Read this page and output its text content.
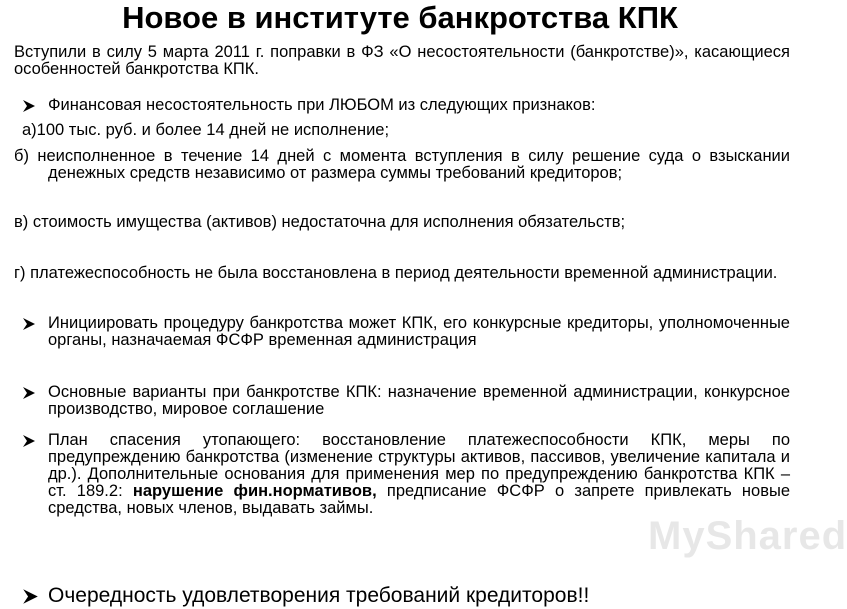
Новое в институте банкротства КПК

Вступили в силу 5 марта 2011 г. поправки в ФЗ «О несостоятельности (банкротстве)», касающиеся особенностей банкротства КПК.

Финансовая несостоятельность при ЛЮБОМ из следующих признаков:

а)100 тыс. руб. и более 14 дней не исполнение;

б) неисполненное в течение 14 дней с момента вступления в силу решение суда о взыскании денежных средств независимо от размера суммы требований кредиторов;

в) стоимость имущества (активов) недостаточна для исполнения обязательств;

г) платежеспособность не была восстановлена в период деятельности временной администрации.

Инициировать процедуру банкротства может КПК, его конкурсные кредиторы, уполномоченные органы, назначаемая ФСФР временная администрация

Основные варианты при банкротстве КПК: назначение временной администрации, конкурсное производство, мировое соглашение

План спасения утопающего: восстановление платежеспособности КПК, меры по предупреждению банкротства (изменение структуры активов, пассивов, увеличение капитала и др.). Дополнительные основания для применения мер по предупреждению банкротства КПК – ст. 189.2: нарушение фин.нормативов, предписание ФСФР о запрете привлекать новые средства, новых членов, выдавать займы.

MyShared

Очередность удовлетворения требований кредиторов!!
